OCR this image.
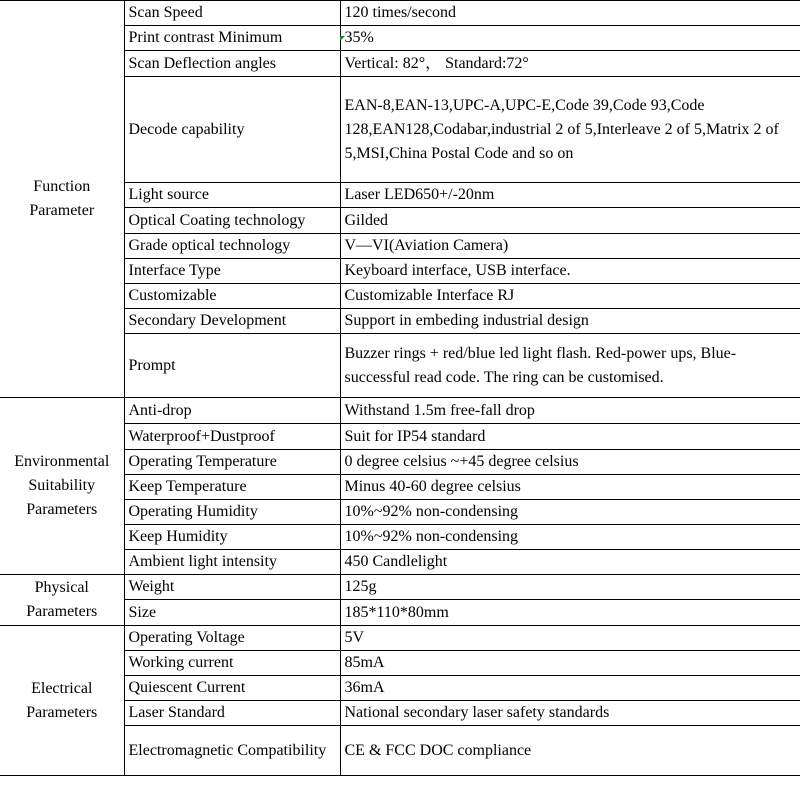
Function
Parameter	Scan Speed	120 times/second
	Print contrast Minimum	35%
	Scan Deflection angles	Vertical: 82°， Standard:72°
	Decode capability	EAN-8,EAN-13,UPC-A,UPC-E,Code 39,Code 93,Code 128,EAN128,Codabar,industrial 2 of 5,Interleave 2 of 5,Matrix 2 of 5,MSI,China Postal Code and so on
	Light source	Laser LED650+/-20nm
	Optical Coating technology	Gilded
	Grade optical technology	V—VI(Aviation Camera)
	Interface Type	Keyboard interface, USB interface.
	Customizable	Customizable Interface RJ
	Secondary Development	Support in embeding industrial design
	Prompt	Buzzer rings + red/blue led light flash. Red-power ups, Blue-successful read code. The ring can be customised.
Environmental
Suitability
Parameters	Anti-drop	Withstand 1.5m free-fall drop
	Waterproof+Dustproof	Suit for IP54 standard
	Operating Temperature	0 degree celsius ~+45 degree celsius
	Keep Temperature	Minus 40-60 degree celsius
	Operating Humidity	10%~92% non-condensing
	Keep Humidity	10%~92% non-condensing
	Ambient light intensity	450 Candlelight
Physical
Parameters	Weight	125g
	Size	185*110*80mm
Electrical
Parameters	Operating Voltage	5V
	Working current	85mA
	Quiescent Current	36mA
	Laser Standard	National secondary laser safety standards
	Electromagnetic Compatibility	CE & FCC DOC compliance
